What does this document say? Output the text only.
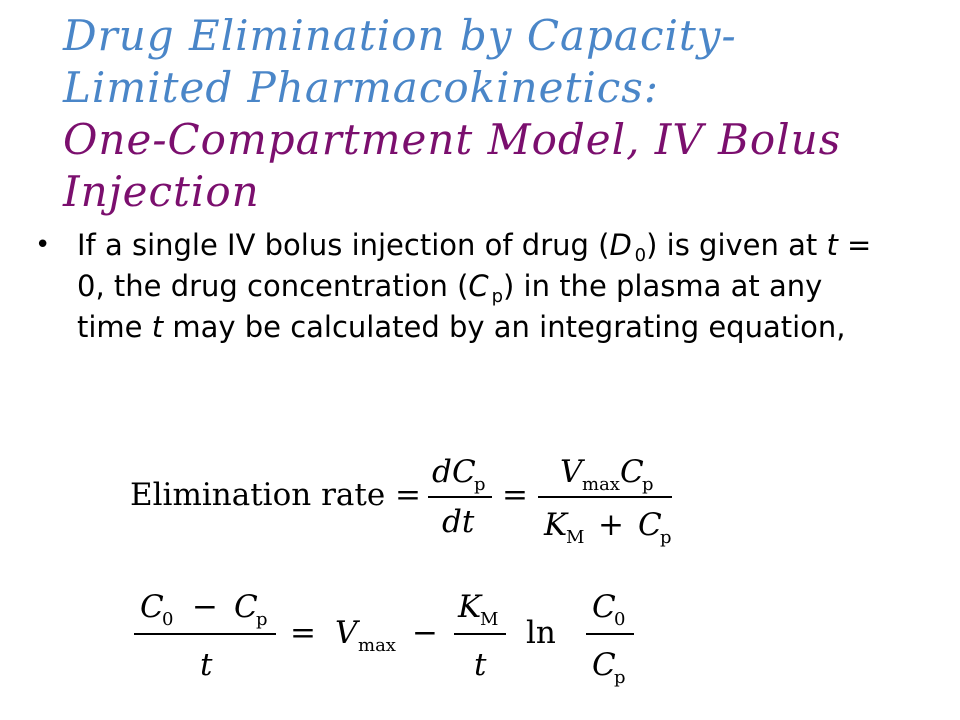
Drug Elimination by Capacity-
Limited Pharmacokinetics:
One-Compartment Model, IV Bolus
Injection
• If a single IV bolus injection of drug (D  $_0$) is given at t = 0, the drug concentration (C  $_p$) in the plasma at any time t may be calculated by an integrating equation,
Elimination rate =
d C
p
dt
=
V max C
p
K
M + C
p
C
0 − C
p
t
= V max −
K
M
t
ln
C
0
C
p
